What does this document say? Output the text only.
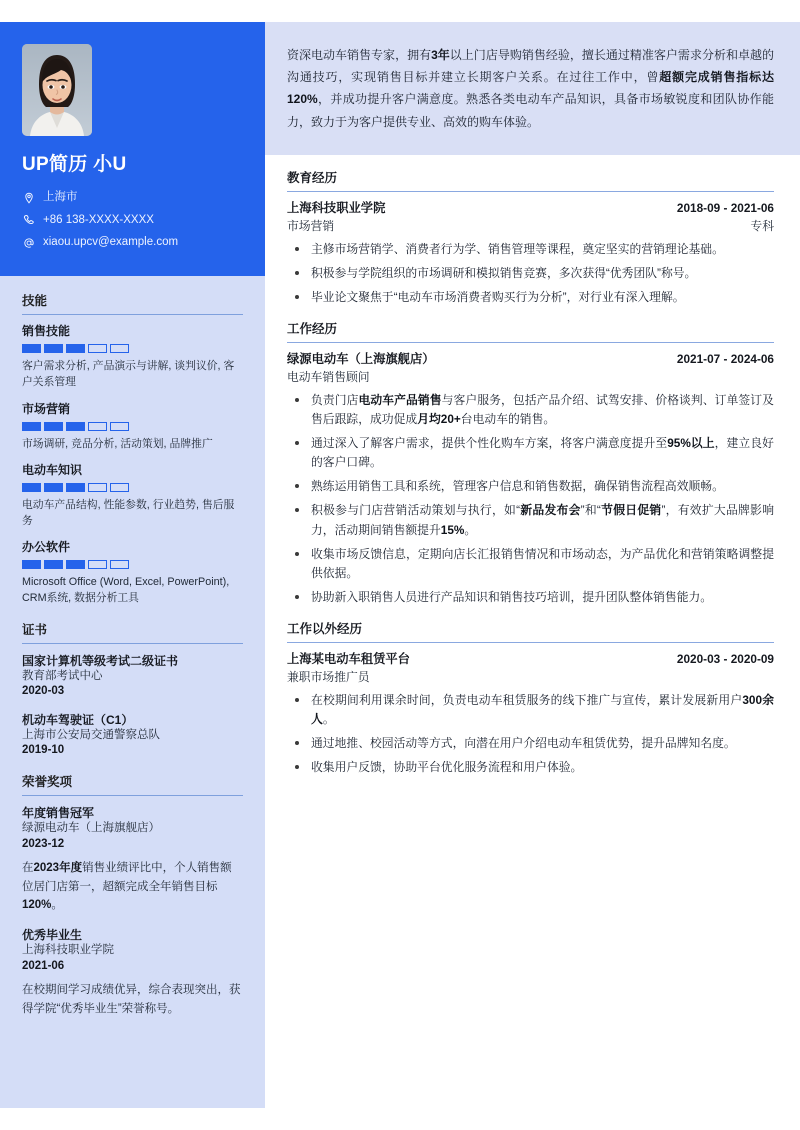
UP简历 小U
上海市
+86 138-XXXX-XXXX
xiaou.upcv@example.com
技能
销售技能
客户需求分析, 产品演示与讲解, 谈判议价, 客户关系管理
市场营销
市场调研, 竞品分析, 活动策划, 品牌推广
电动车知识
电动车产品结构, 性能参数, 行业趋势, 售后服务
办公软件
Microsoft Office (Word, Excel, PowerPoint), CRM系统, 数据分析工具
证书
国家计算机等级考试二级证书
教育部考试中心
2020-03
机动车驾驶证（C1）
上海市公安局交通警察总队
2019-10
荣誉奖项
年度销售冠军
绿源电动车（上海旗舰店）
2023-12
在2023年度销售业绩评比中，个人销售额位居门店第一，超额完成全年销售目标120%。
优秀毕业生
上海科技职业学院
2021-06
在校期间学习成绩优异，综合表现突出，获得学院“优秀毕业生”荣誉称号。
资深电动车销售专家，拥有3年以上门店导购销售经验，擅长通过精准客户需求分析和卓越的沟通技巧，实现销售目标并建立长期客户关系。在过往工作中，曾超额完成销售指标达120%，并成功提升客户满意度。熟悉各类电动车产品知识，具备市场敏锐度和团队协作能力，致力于为客户提供专业、高效的购车体验。
教育经历
上海科技职业学院	2018-09 - 2021-06
市场营销	专科
主修市场营销学、消费者行为学、销售管理等课程，奠定坚实的营销理论基础。
积极参与学院组织的市场调研和模拟销售竞赛，多次获得“优秀团队”称号。
毕业论文聚焦于“电动车市场消费者购买行为分析”，对行业有深入理解。
工作经历
绿源电动车（上海旗舰店）	2021-07 - 2024-06
电动车销售顾问
负责门店电动车产品销售与客户服务，包括产品介绍、试驾安排、价格谈判、订单签订及售后跟踪，成功促成月均20+台电动车的销售。
通过深入了解客户需求，提供个性化购车方案，将客户满意度提升至95%以上，建立良好的客户口碑。
熟练运用销售工具和系统，管理客户信息和销售数据，确保销售流程高效顺畅。
积极参与门店营销活动策划与执行，如“新品发布会”和“节假日促销”，有效扩大品牌影响力，活动期间销售额提升15%。
收集市场反馈信息，定期向店长汇报销售情况和市场动态，为产品优化和营销策略调整提供依据。
协助新入职销售人员进行产品知识和销售技巧培训，提升团队整体销售能力。
工作以外经历
上海某电动车租赁平台	2020-03 - 2020-09
兼职市场推广员
在校期间利用课余时间，负责电动车租赁服务的线下推广与宣传，累计发展新用户300余人。
通过地推、校园活动等方式，向潜在用户介绍电动车租赁优势，提升品牌知名度。
收集用户反馈，协助平台优化服务流程和用户体验。
